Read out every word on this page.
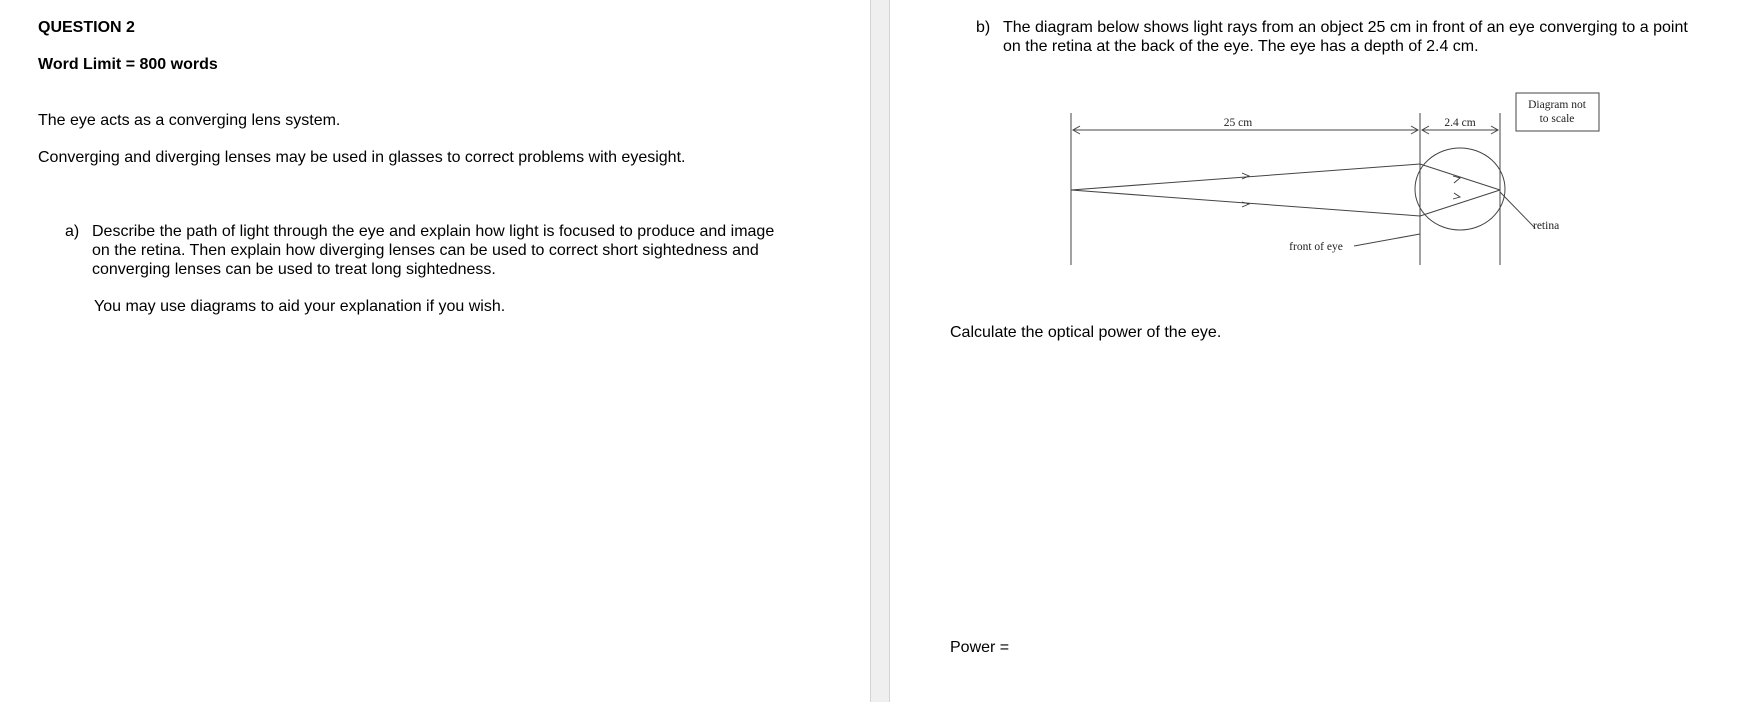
QUESTION 2
Word Limit = 800 words
The eye acts as a converging lens system.
Converging and diverging lenses may be used in glasses to correct problems with eyesight.
a) Describe the path of light through the eye and explain how light is focused to produce and image
on the retina. Then explain how diverging lenses can be used to correct short sightedness and
converging lenses can be used to treat long sightedness.
You may use diagrams to aid your explanation if you wish.
b) The diagram below shows light rays from an object 25 cm in front of an eye converging to a point
on the retina at the back of the eye. The eye has a depth of 2.4 cm.
25 cm	2.4 cm
front of eye
retina
Diagram not
to scale
Calculate the optical power of the eye.
Power =
